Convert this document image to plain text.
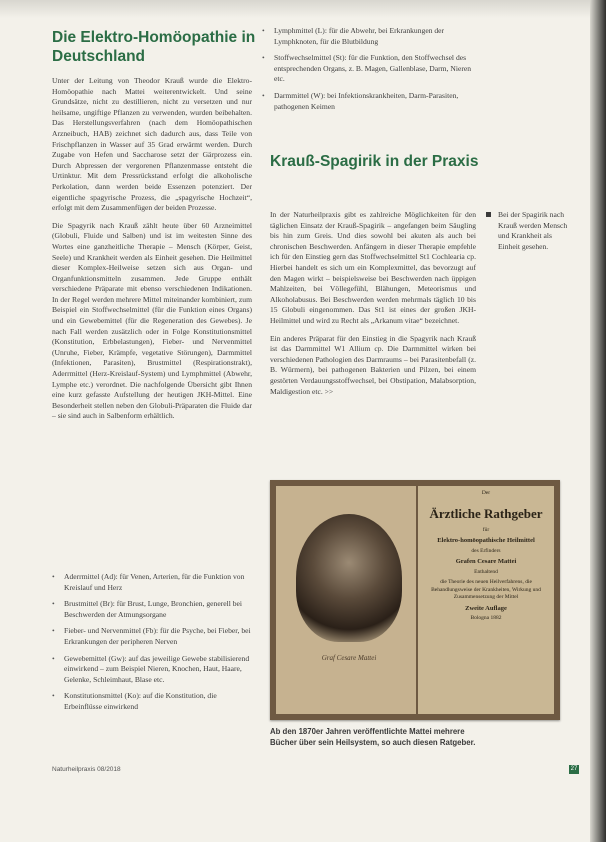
Die Elektro-Homöopathie in Deutschland

Unter der Leitung von Theodor Krauß wurde die Elektro-Homöopathie nach Mattei weiterentwickelt. Und seine Grundsätze, nicht zu destillieren, nicht zu versetzen und nur heilsame, ungiftige Pflanzen zu verwenden, wurden beibehalten. Das Herstellungsverfahren (nach dem Homöopathischen Arzneibuch, HAB) zeichnet sich dadurch aus, dass Teile von Frischpflanzen in Wasser auf 35 Grad erwärmt werden. Durch Zugabe von Hefen und Saccharose setzt der Gärprozess ein. Durch Abpressen der vergorenen Pflanzenmasse entsteht die Urtinktur. Mit dem Pressrückstand erfolgt die alkoholische Perkolation, dann werden beide Essenzen potenziert. Der eigentliche spagyrische Prozess, die „spagyrische Hochzeit“, erfolgt mit dem Zusammenfügen der beiden Prozesse.

Die Spagyrik nach Krauß zählt heute über 60 Arzneimittel (Globuli, Fluide und Salben) und ist im weitesten Sinne des Wortes eine ganzheitliche Therapie – Mensch (Körper, Geist, Seele) und Krankheit werden als Einheit gesehen. Die Heilmittel dieser Komplex-Heilweise setzen sich aus Organ- und Organfunktionsmitteln zusammen. Jede Gruppe enthält verschiedene Präparate mit ebenso verschiedenen Indikationen. In der Regel werden mehrere Mittel miteinander kombiniert, zum Beispiel ein Stoffwechselmittel (für die Funktion eines Organs) und ein Gewebemittel (für die Regeneration des Gewebes). Je nach Fall werden zusätzlich oder in Folge Konstitutionsmittel (Konstitution, Erbbelastungen), Fieber- und Nervenmittel (Unruhe, Fieber, Krämpfe, vegetative Störungen), Darmmittel (Infektionen, Parasiten), Brustmittel (Respirationstrakt), Aderrmittel (Herz-Kreislauf-System) und Lymphmittel (Abwehr, Lymphe etc.) verordnet. Die nachfolgende Übersicht gibt Ihnen eine kurz gefasste Aufstellung der heutigen JKH-Mittel. Eine Besonderheit stellen neben den Globuli-Präparaten die Fluide dar – sie sind auch in Salbenform erhältlich.

• Aderrmittel (Ad): für Venen, Arterien, für die Funktion von Kreislauf und Herz
• Brustmittel (Br): für Brust, Lunge, Bronchien, generell bei Beschwerden der Atmungsorgane
• Fieber- und Nervenmittel (Fb): für die Psyche, bei Fieber, bei Erkrankungen der peripheren Nerven
• Gewebemittel (Gw): auf das jeweilige Gewebe stabilisierend einwirkend – zum Beispiel Nieren, Knochen, Haut, Haare, Gelenke, Schleimhaut, Blase etc.
• Konstitutionsmittel (Ko): auf die Konstitution, die Erbeinflüsse einwirkend
• Lymphmittel (L): für die Abwehr, bei Erkrankungen der Lymphknoten, für die Blutbildung
• Stoffwechselmittel (St): für die Funktion, den Stoffwechsel des entsprechenden Organs, z. B. Magen, Gallenblase, Darm, Nieren etc.
• Darmmittel (W): bei Infektionskrankheiten, Darm-Parasiten, pathogenen Keimen
Krauß-Spagirik in der Praxis

In der Naturheilpraxis gibt es zahlreiche Möglichkeiten für den täglichen Einsatz der Krauß-Spagirik – angefangen beim Säugling bis hin zum Greis. Und dies sowohl bei akuten als auch bei chronischen Beschwerden. Anfängern in dieser Therapie empfehle ich für den Einstieg gern das Stoffwechselmittel St1 Cochlearia cp. Hierbei handelt es sich um ein Komplexmittel, das bevorzugt auf den Magen wirkt – beispielsweise bei Beschwerden nach üppigen Mahlzeiten, bei Völlegefühl, Blähungen, Meteorismus und Alkoholabusus. Bei Beschwerden werden mehrmals täglich 10 bis 15 Globuli eingenommen. Das St1 ist eines der großen JKH-Heilmittel und wird zu Recht als „Arkanum vitae“ bezeichnet.

Ein anderes Präparat für den Einstieg in die Spagyrik nach Krauß ist das Darmmittel W1 Allium cp. Die Darmmittel wirken bei verschiedenen Pathologien des Darmraums – bei Parasitenbefall (z. B. Würmern), bei pathogenen Bakterien und Pilzen, bei einem gestörten Verdauungsstoffwechsel, bei Obstipation, Malabsorption, Maldigestion etc. >>

Bei der Spagirik nach Krauß werden Mensch und Krankheit als Einheit gesehen.
Graf Cesare Mattei
Der
Ärztliche Rathgeber
für
Elektro-homöopathische Heilmittel
des Erfinders
Grafen Cesare Mattei
Enthaltend
die Theorie des neuen Heilverfahrens, die Behandlungsweise der Krankheiten, Wirkung und Zusammensetzung der Mittel
Zweite Auflage
Bologna 1882
Ab den 1870er Jahren veröffentlichte Mattei mehrere Bücher über sein Heilsystem, so auch diesen Ratgeber.
Naturheilpraxis 08/2018	27
